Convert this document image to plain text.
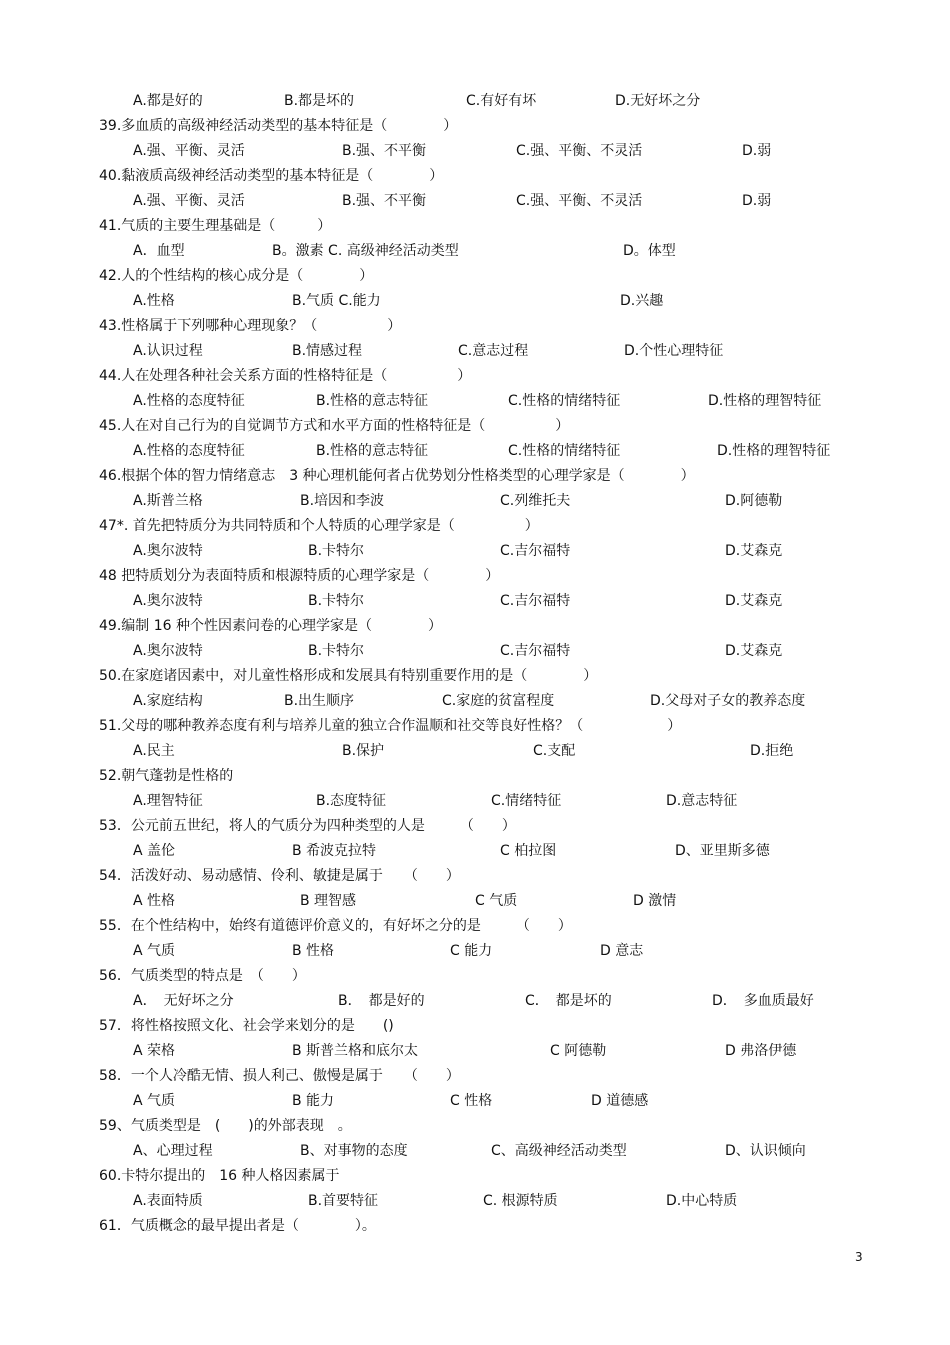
A.都是好的	B.都是坏的	C.有好有坏	D.无好坏之分
39.多血质的高级神经活动类型的基本特征是（　　　　）
A.强、平衡、灵活	B.强、不平衡	C.强、平衡、不灵活	D.弱
40.黏液质高级神经活动类型的基本特征是（　　　　）
A.强、平衡、灵活	B.强、不平衡	C.强、平衡、不灵活	D.弱
41.气质的主要生理基础是（　　　）
A．血型	B。激素 C. 高级神经活动类型	D。体型
42.人的个性结构的核心成分是（　　　　）
A.性格	B.气质 C.能力	D.兴趣
43.性格属于下列哪种心理现象？（　　　　　）
A.认识过程	B.情感过程	C.意志过程	D.个性心理特征
44.人在处理各种社会关系方面的性格特征是（　　　　　）
A.性格的态度特征	B.性格的意志特征	C.性格的情绪特征	D.性格的理智特征
45.人在对自己行为的自觉调节方式和水平方面的性格特征是（　　　　　）
A.性格的态度特征	B.性格的意志特征	C.性格的情绪特征	D.性格的理智特征
46.根据个体的智力情绪意志　3 种心理机能何者占优势划分性格类型的心理学家是（　　　　）
A.斯普兰格	B.培因和李波	C.列维托夫	D.阿德勒
47*. 首先把特质分为共同特质和个人特质的心理学家是（　　　　　）
A.奥尔波特	B.卡特尔	C.吉尔福特	D.艾森克
48 把特质划分为表面特质和根源特质的心理学家是（　　　　）
A.奥尔波特	B.卡特尔	C.吉尔福特	D.艾森克
49.编制 16 种个性因素问卷的心理学家是（　　　　）
A.奥尔波特	B.卡特尔	C.吉尔福特	D.艾森克
50.在家庭诸因素中，对儿童性格形成和发展具有特别重要作用的是（　　　　）
A.家庭结构	B.出生顺序	C.家庭的贫富程度	D.父母对子女的教养态度
51.父母的哪种教养态度有利与培养儿童的独立合作温顺和社交等良好性格？（　　　　　　）
A.民主	B.保护	C.支配	D.拒绝
52.朝气蓬勃是性格的
A.理智特征	B.态度特征	C.情绪特征	D.意志特征
53．公元前五世纪，将人的气质分为四种类型的人是　　　（　　）
A 盖伦	B 希波克拉特	C 柏拉图	D、亚里斯多德
54．活泼好动、易动感情、伶利、敏捷是属于　　（　　）
A 性格	B 理智感	C 气质	D 激情
55．在个性结构中，始终有道德评价意义的，有好坏之分的是　　　（　　）
A 气质	B 性格	C 能力	D 意志
56．气质类型的特点是　（　　）
A．　无好坏之分	B．　都是好的	C．　都是坏的	D．　多血质最好
57．将性格按照文化、社会学来划分的是　　()
A 荣格	B 斯普兰格和底尔太	C 阿德勒	D 弗洛伊德
58．一个人冷酷无情、损人利己、傲慢是属于　　（　　）
A 气质	B 能力	C 性格	D 道德感
59、气质类型是　(　　)的外部表现　。
A、心理过程	B、对事物的态度	C、高级神经活动类型	D、认识倾向
60.卡特尔提出的　16 种人格因素属于
A.表面特质	B.首要特征	C. 根源特质	D.中心特质
61．气质概念的最早提出者是（　　　　）。
3
